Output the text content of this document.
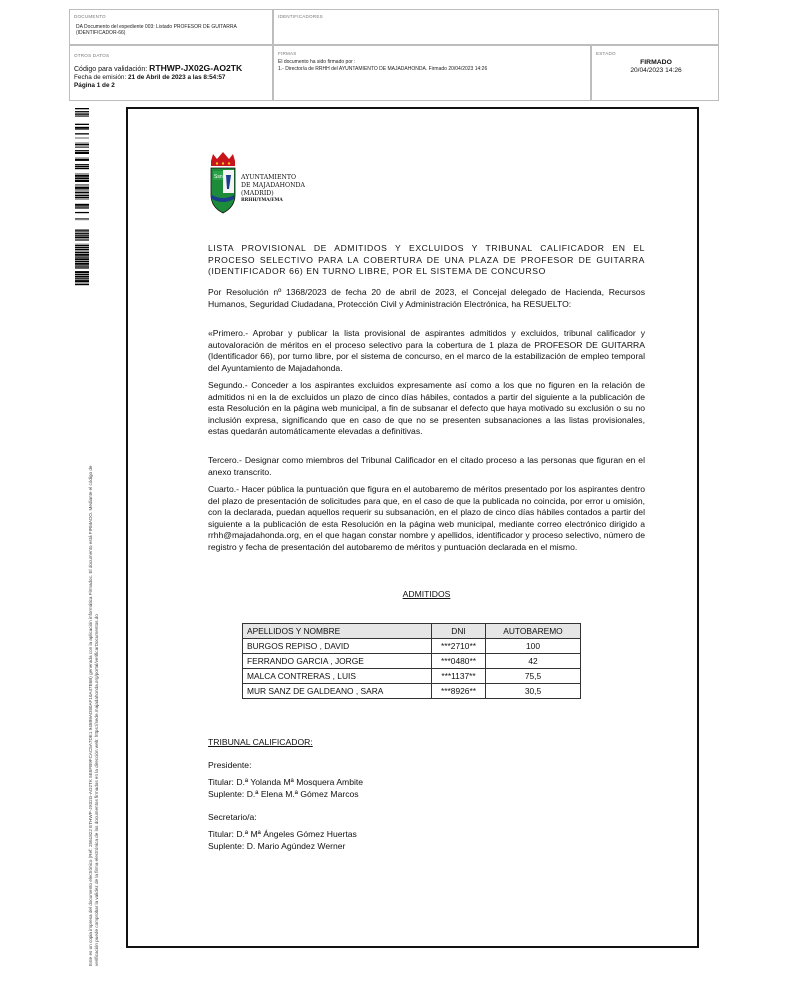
DOCUMENTO
DA Documento del expediente 003: Listado PROFESOR DE GUITARRA (IDENTIFICADOR-66)
IDENTIFICADORES
OTROS DATOS
Código para validación: RTHWP-JX02G-AO2TK
Fecha de emisión: 21 de Abril de 2023 a las 8:54:57
Página 1 de 2
FIRMAS
El documento ha sido firmado por :
1.- Director/a de RRHH del AYUNTAMIENTO DE MAJADAHONDA. Firmado 20/04/2023 14:26
ESTADO
FIRMADO
20/04/2023 14:26
Este es un copia impresa del documento electrónico (Ref: 2561822 ETHWP-JX02G-AO2TK 5E5FB9FCAC5A7DE1 945B9AD80AF10A47E6B) generada con la aplicación informática Firmadoc. El documento está FIRMADO. Mediante el código de verificación puede comprobar la validez de la firma electrónica de los documentos firmados en la dirección web: https://sede.majadahonda.org/portal/verificarDocumentos.do
Ssn	AYUNTAMIENTO
DE MAJADAHONDA
(MADRID)
RRHH/YMA/EMA

LISTA PROVISIONAL DE ADMITIDOS Y EXCLUIDOS Y TRIBUNAL CALIFICADOR EN EL PROCESO SELECTIVO PARA LA COBERTURA DE UNA PLAZA DE PROFESOR DE GUITARRA (IDENTIFICADOR 66) EN TURNO LIBRE, POR EL SISTEMA DE CONCURSO

Por Resolución nº 1368/2023 de fecha 20 de abril de 2023, el Concejal delegado de Hacienda, Recursos Humanos, Seguridad Ciudadana, Protección Civil y Administración Electrónica, ha RESUELTO:

«Primero.- Aprobar y publicar la lista provisional de aspirantes admitidos y excluidos, tribunal calificador y autovaloración de méritos en el proceso selectivo para la cobertura de 1 plaza de PROFESOR DE GUITARRA (Identificador 66), por turno libre, por el sistema de concurso, en el marco de la estabilización de empleo temporal del Ayuntamiento de Majadahonda.

Segundo.- Conceder a los aspirantes excluidos expresamente así como a los que no figuren en la relación de admitidos ni en la de excluidos un plazo de cinco días hábiles, contados a partir del siguiente a la publicación de esta Resolución en la página web municipal, a fin de subsanar el defecto que haya motivado su exclusión o su no inclusión expresa, significando que en caso de que no se presenten subsanaciones a las listas provisionales, estas quedarán automáticamente elevadas a definitivas.

Tercero.- Designar como miembros del Tribunal Calificador en el citado proceso a las personas que figuran en el anexo transcrito.

Cuarto.- Hacer pública la puntuación que figura en el autobaremo de méritos presentado por los aspirantes dentro del plazo de presentación de solicitudes para que, en el caso de que la publicada no coincida, por error u omisión, con la declarada, puedan aquellos requerir su subsanación, en el plazo de cinco días hábiles contados a partir del siguiente a la publicación de esta Resolución en la página web municipal, mediante correo electrónico dirigido a rrhh@majadahonda.org, en el que hagan constar nombre y apellidos, identificador y proceso selectivo, número de registro y fecha de presentación del autobaremo de méritos y puntuación declarada en el mismo.

ADMITIDOS
APELLIDOS Y NOMBRE	DNI	AUTOBAREMO
BURGOS REPISO , DAVID	***2710**	100
FERRANDO GARCIA , JORGE	***0480**	42
MALCA CONTRERAS , LUIS	***1137**	75,5
MUR SANZ DE GALDEANO , SARA	***8926**	30,5
TRIBUNAL CALIFICADOR:
Presidente:
Titular: D.ª Yolanda Mª Mosquera Ambite
Suplente: D.ª Elena M.ª Gómez Marcos
Secretario/a:
Titular: D.ª Mª Ángeles Gómez Huertas
Suplente: D. Mario Agúndez Werner
